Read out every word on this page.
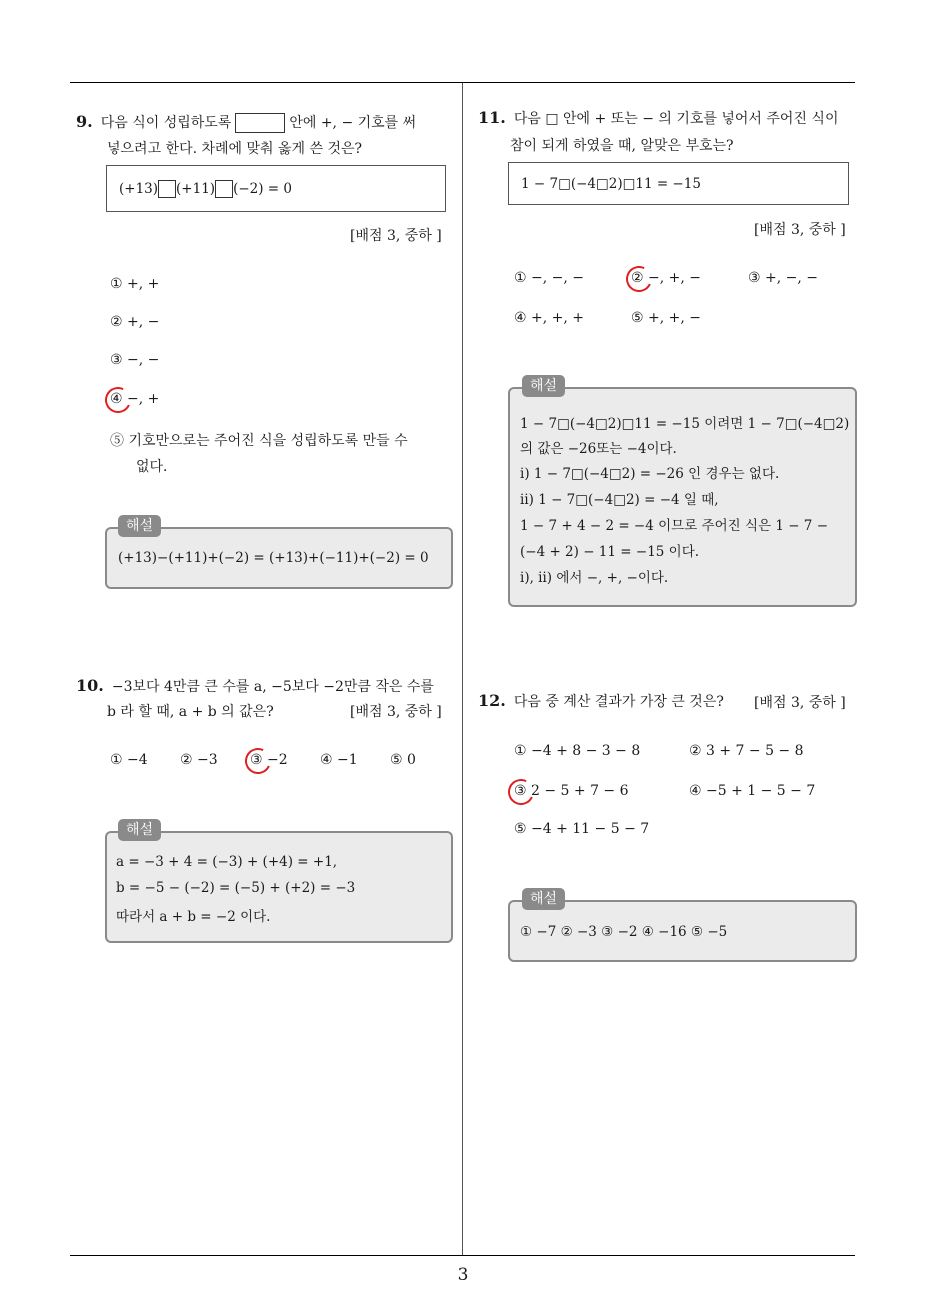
3
9. 다음 식이 성립하도록	안에 +, − 기호를 써
넣으려고 한다. 차례에 맞춰 옳게 쓴 것은?
(+13) (+11) (−2) = 0
[배점 3, 중하 ]
① +, +
② +, −
③ −, −
④ −, +
⑤ 기호만으로는 주어진 식을 성립하도록 만들 수
없다.
해설
(+13)−(+11)+(−2) = (+13)+(−11)+(−2) = 0
10. −3보다 4만큼 큰 수를 a, −5보다 −2만큼 작은 수를
b 라 할 때, a + b 의 값은?	[배점 3, 중하 ]
① −4 ② −3 ③ −2 ④ −1 ⑤ 0
해설
a = −3 + 4 = (−3) + (+4) = +1,
b = −5 − (−2) = (−5) + (+2) = −3
따라서 a + b = −2 이다.
11. 다음 □ 안에 + 또는 − 의 기호를 넣어서 주어진 식이
참이 되게 하였을 때, 알맞은 부호는?
1 − 7□(−4□2)□11 = −15
[배점 3, 중하 ]
① −, −, −	② −, +, −	③ +, −, −
④ +, +, +	⑤ +, +, −
해설
1 − 7□(−4□2)□11 = −15 이려면 1 − 7□(−4□2)
의 값은 −26또는 −4이다.
ⅰ) 1 − 7□(−4□2) = −26 인 경우는 없다.
ⅱ) 1 − 7□(−4□2) = −4 일 때,
1 − 7 + 4 − 2 = −4 이므로 주어진 식은 1 − 7 −
(−4 + 2) − 11 = −15 이다.
ⅰ), ⅱ) 에서 −, +, −이다.
12. 다음 중 계산 결과가 가장 큰 것은? [배점 3, 중하 ]
① −4 + 8 − 3 − 8	② 3 + 7 − 5 − 8
③ 2 − 5 + 7 − 6	④ −5 + 1 − 5 − 7
⑤ −4 + 11 − 5 − 7
해설
① −7 ② −3 ③ −2 ④ −16 ⑤ −5
